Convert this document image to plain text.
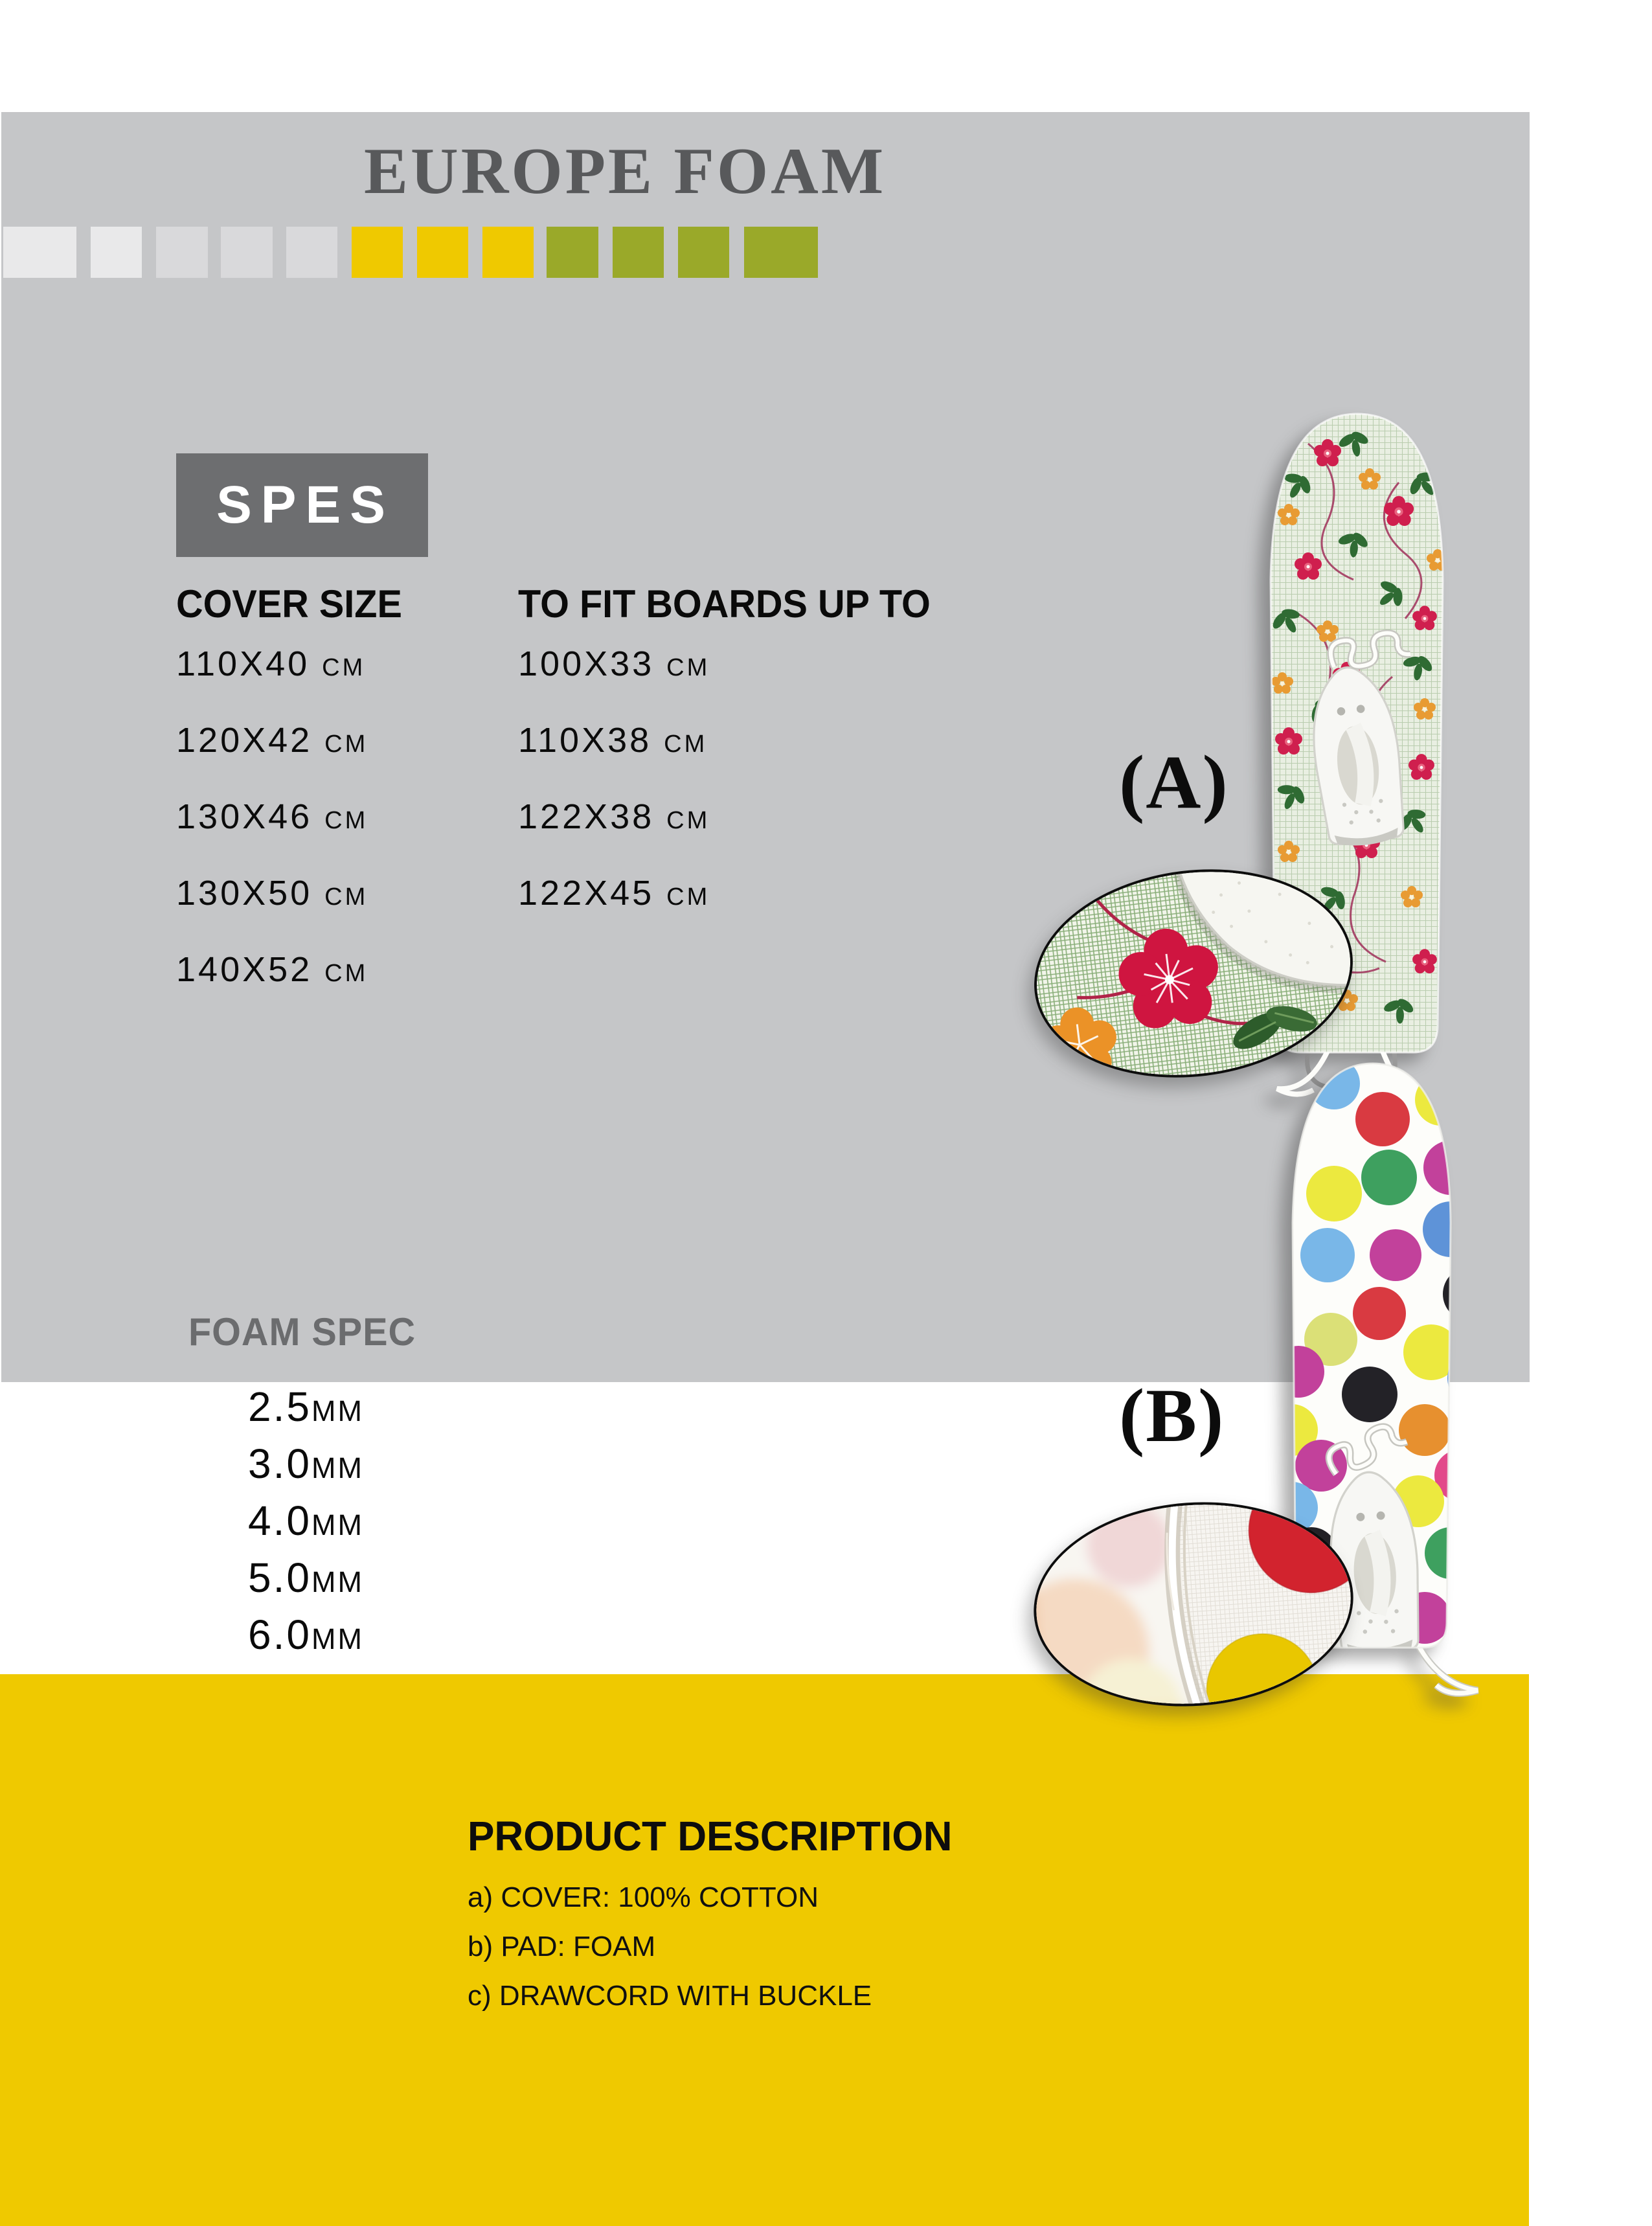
EUROPE FOAM
SPES
COVER SIZE	TO FIT BOARDS UP TO
110X40 cm
120X42 cm
130X46 cm
130X50 cm
140X52 cm
100X33 cm
110X38 cm
122X38 cm
122X45 cm
FOAM SPEC
2.5mm
3.0mm
4.0mm
5.0mm
6.0mm
PRODUCT DESCRIPTION
a) COVER: 100% COTTON
b) PAD: FOAM
c) DRAWCORD WITH BUCKLE
(A)
(B)
